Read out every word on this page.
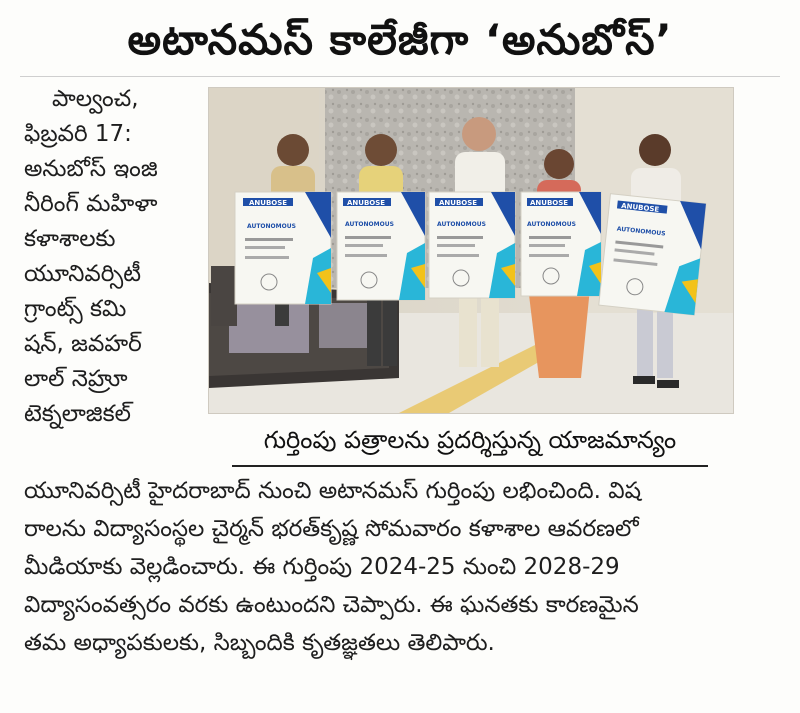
అటానమస్ కాలేజీగా ‘అనుబోస్’
పాల్వంచ,
ఫిబ్రవరి 17:
అనుబోస్ ఇంజి
నీరింగ్ మహిళా
కళాశాలకు
యూనివర్సిటీ
గ్రాంట్స్ కమి
షన్, జవహర్
లాల్ నెహ్రూ
టెక్నలాజికల్
ANUBOSE
AUTONOMOUS
ANUBOSE
AUTONOMOUS
ANUBOSE
AUTONOMOUS
ANUBOSE
AUTONOMOUS
ANUBOSE
AUTONOMOUS
గుర్తింపు పత్రాలను ప్రదర్శిస్తున్న యాజమాన్యం
యూనివర్సిటీ హైదరాబాద్ నుంచి అటానమస్ గుర్తింపు లభించింది. విష
రాలను విద్యాసంస్థల చైర్మన్ భరత్‌కృష్ణ సోమవారం కళాశాల ఆవరణలో
మీడియాకు వెల్లడించారు. ఈ గుర్తింపు 2024-25 నుంచి 2028-29
విద్యాసంవత్సరం వరకు ఉంటుందని చెప్పారు. ఈ ఘనతకు కారణమైన
తమ అధ్యాపకులకు, సిబ్బందికి కృతజ్ఞతలు తెలిపారు.
